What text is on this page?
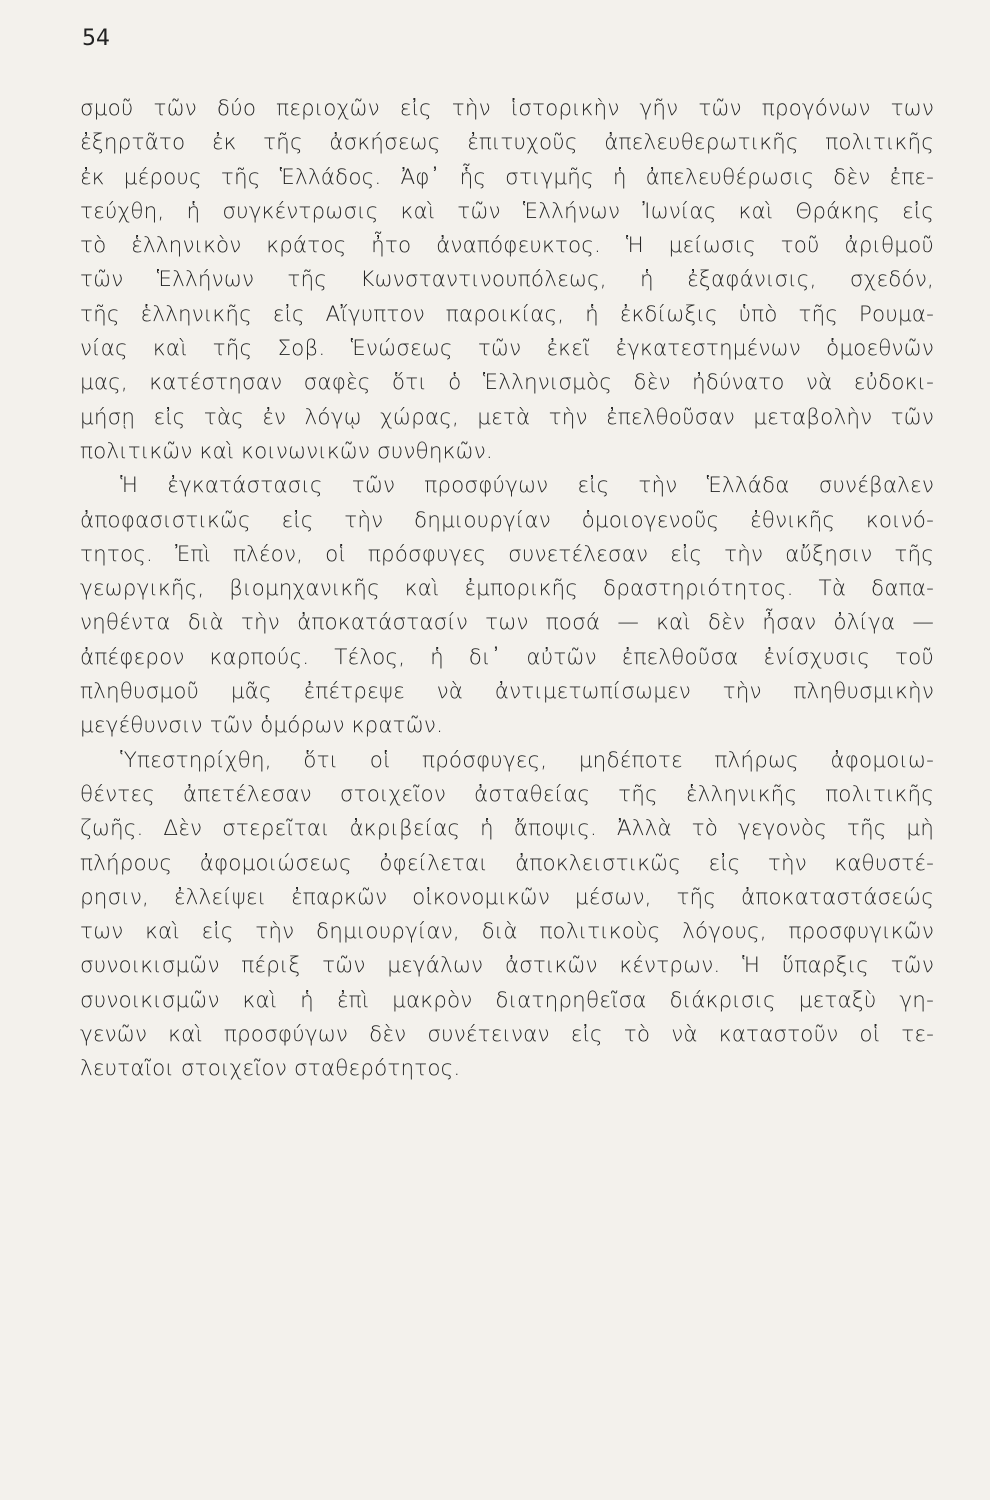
54
σμοῦ τῶν δύο περιοχῶν εἰς τὴν ἱστορικὴν γῆν τῶν προγόνων των
ἐξηρτᾶτο ἐκ τῆς ἀσκήσεως ἐπιτυχοῦς ἀπελευθερωτικῆς πολιτικῆς
ἐκ μέρους τῆς Ἑλλάδος. Ἀφ᾽ ἧς στιγμῆς ἡ ἀπελευθέρωσις δὲν ἐπε-
τεύχθη, ἡ συγκέντρωσις καὶ τῶν Ἑλλήνων Ἰωνίας καὶ Θράκης εἰς
τὸ ἑλληνικὸν κράτος ἦτο ἀναπόφευκτος. Ἡ μείωσις τοῦ ἀριθμοῦ
τῶν Ἑλλήνων τῆς Κωνσταντινουπόλεως, ἡ ἐξαφάνισις, σχεδόν,
τῆς ἑλληνικῆς εἰς Αἴγυπτον παροικίας, ἡ ἐκδίωξις ὑπὸ τῆς Ρουμα-
νίας καὶ τῆς Σοβ. Ἑνώσεως τῶν ἐκεῖ ἐγκατεστημένων ὁμοεθνῶν
μας, κατέστησαν σαφὲς ὅτι ὁ Ἑλληνισμὸς δὲν ἠδύνατο νὰ εὐδοκι-
μήσῃ εἰς τὰς ἐν λόγῳ χώρας, μετὰ τὴν ἐπελθοῦσαν μεταβολὴν τῶν
πολιτικῶν καὶ κοινωνικῶν συνθηκῶν.
Ἡ ἐγκατάστασις τῶν προσφύγων εἰς τὴν Ἑλλάδα συνέβαλεν
ἀποφασιστικῶς εἰς τὴν δημιουργίαν ὁμοιογενοῦς ἐθνικῆς κοινό-
τητος. Ἐπὶ πλέον, οἱ πρόσφυγες συνετέλεσαν εἰς τὴν αὔξησιν τῆς
γεωργικῆς, βιομηχανικῆς καὶ ἐμπορικῆς δραστηριότητος. Τὰ δαπα-
νηθέντα διὰ τὴν ἀποκατάστασίν των ποσά — καὶ δὲν ἦσαν ὀλίγα —
ἀπέφερον καρπούς. Τέλος, ἡ δι᾽ αὐτῶν ἐπελθοῦσα ἐνίσχυσις τοῦ
πληθυσμοῦ μᾶς ἐπέτρεψε νὰ ἀντιμετωπίσωμεν τὴν πληθυσμικὴν
μεγέθυνσιν τῶν ὁμόρων κρατῶν.
Ὑπεστηρίχθη, ὅτι οἱ πρόσφυγες, μηδέποτε πλήρως ἀφομοιω-
θέντες ἀπετέλεσαν στοιχεῖον ἀσταθείας τῆς ἑλληνικῆς πολιτικῆς
ζωῆς. Δὲν στερεῖται ἀκριβείας ἡ ἄποψις. Ἀλλὰ τὸ γεγονὸς τῆς μὴ
πλήρους ἀφομοιώσεως ὀφείλεται ἀποκλειστικῶς εἰς τὴν καθυστέ-
ρησιν, ἐλλείψει ἐπαρκῶν οἰκονομικῶν μέσων, τῆς ἀποκαταστάσεώς
των καὶ εἰς τὴν δημιουργίαν, διὰ πολιτικοὺς λόγους, προσφυγικῶν
συνοικισμῶν πέριξ τῶν μεγάλων ἀστικῶν κέντρων. Ἡ ὕπαρξις τῶν
συνοικισμῶν καὶ ἡ ἐπὶ μακρὸν διατηρηθεῖσα διάκρισις μεταξὺ γη-
γενῶν καὶ προσφύγων δὲν συνέτειναν εἰς τὸ νὰ καταστοῦν οἱ τε-
λευταῖοι στοιχεῖον σταθερότητος.
